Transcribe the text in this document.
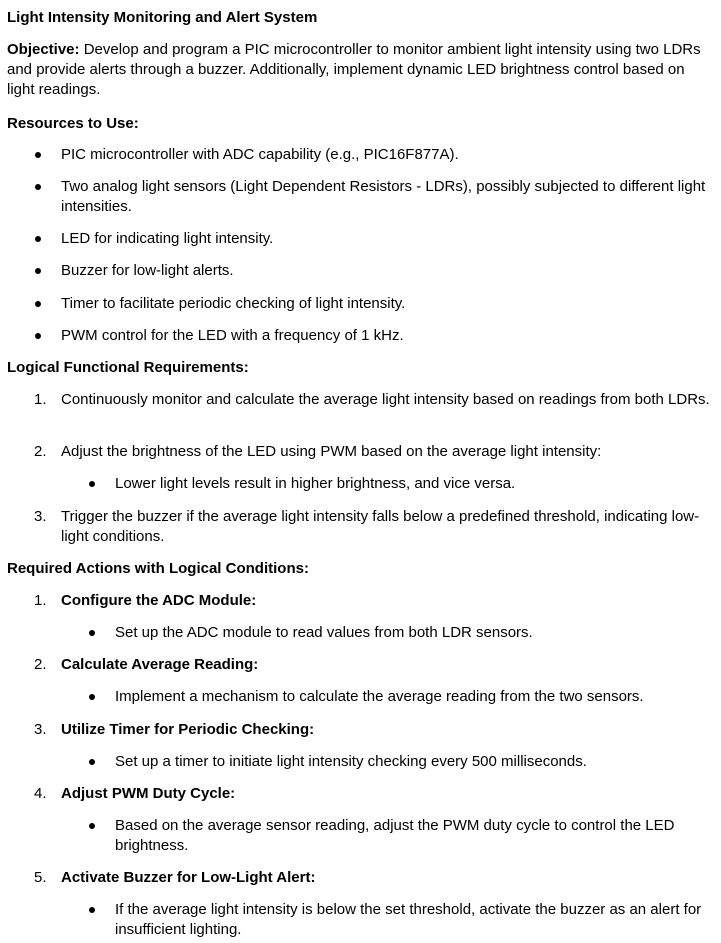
Light Intensity Monitoring and Alert System
Objective: Develop and program a PIC microcontroller to monitor ambient light intensity using two LDRs and provide alerts through a buzzer. Additionally, implement dynamic LED brightness control based on light readings.
Resources to Use:
PIC microcontroller with ADC capability (e.g., PIC16F877A).
Two analog light sensors (Light Dependent Resistors - LDRs), possibly subjected to different light intensities.
LED for indicating light intensity.
Buzzer for low-light alerts.
Timer to facilitate periodic checking of light intensity.
PWM control for the LED with a frequency of 1 kHz.
Logical Functional Requirements:
1. Continuously monitor and calculate the average light intensity based on readings from both LDRs.
2. Adjust the brightness of the LED using PWM based on the average light intensity:
Lower light levels result in higher brightness, and vice versa.
3. Trigger the buzzer if the average light intensity falls below a predefined threshold, indicating low-light conditions.
Required Actions with Logical Conditions:
1. Configure the ADC Module:
Set up the ADC module to read values from both LDR sensors.
2. Calculate Average Reading:
Implement a mechanism to calculate the average reading from the two sensors.
3. Utilize Timer for Periodic Checking:
Set up a timer to initiate light intensity checking every 500 milliseconds.
4. Adjust PWM Duty Cycle:
Based on the average sensor reading, adjust the PWM duty cycle to control the LED brightness.
5. Activate Buzzer for Low-Light Alert:
If the average light intensity is below the set threshold, activate the buzzer as an alert for insufficient lighting.
